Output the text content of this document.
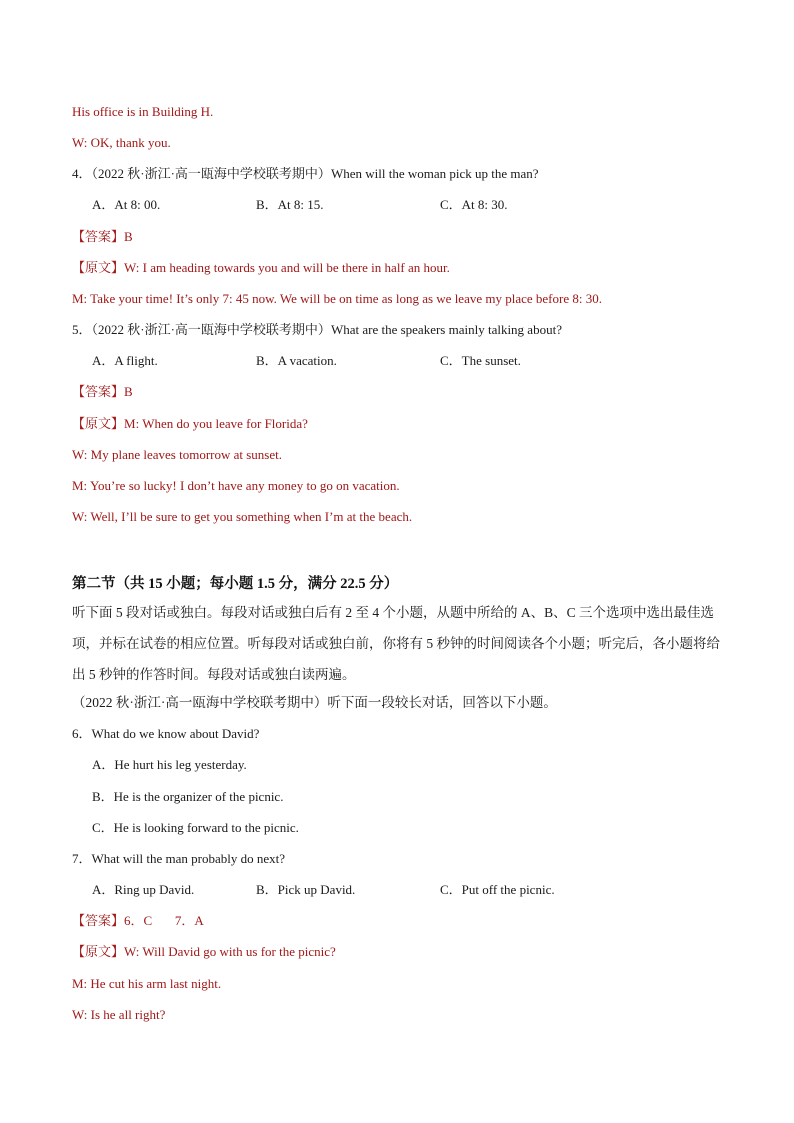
His office is in Building H.
W: OK, thank you.
4．（2022 秋·浙江·高一瓯海中学校联考期中）When will the woman pick up the man?
A．At 8: 00.	B．At 8: 15.	C．At 8: 30.
【答案】B
【原文】W: I am heading towards you and will be there in half an hour.
M: Take your time! It’s only 7: 45 now. We will be on time as long as we leave my place before 8: 30.
5．（2022 秋·浙江·高一瓯海中学校联考期中）What are the speakers mainly talking about?
A．A flight.	B．A vacation.	C．The sunset.
【答案】B
【原文】M: When do you leave for Florida?
W: My plane leaves tomorrow at sunset.
M: You’re so lucky! I don’t have any money to go on vacation.
W: Well, I’ll be sure to get you something when I’m at the beach.
第二节（共 15 小题；每小题 1.5 分，满分 22.5 分）
听下面 5 段对话或独白。每段对话或独白后有 2 至 4 个小题，从题中所给的 A、B、C 三个选项中选出最佳选项，并标在试卷的相应位置。听每段对话或独白前，你将有 5 秒钟的时间阅读各个小题；听完后，各小题将给出 5 秒钟的作答时间。每段对话或独白读两遍。
（2022 秋·浙江·高一瓯海中学校联考期中）听下面一段较长对话，回答以下小题。
6．What do we know about David?
A．He hurt his leg yesterday.
B．He is the organizer of the picnic.
C．He is looking forward to the picnic.
7．What will the man probably do next?
A．Ring up David.	B．Pick up David.	C．Put off the picnic.
【答案】6．C       7．A
【原文】W: Will David go with us for the picnic?
M: He cut his arm last night.
W: Is he all right?
